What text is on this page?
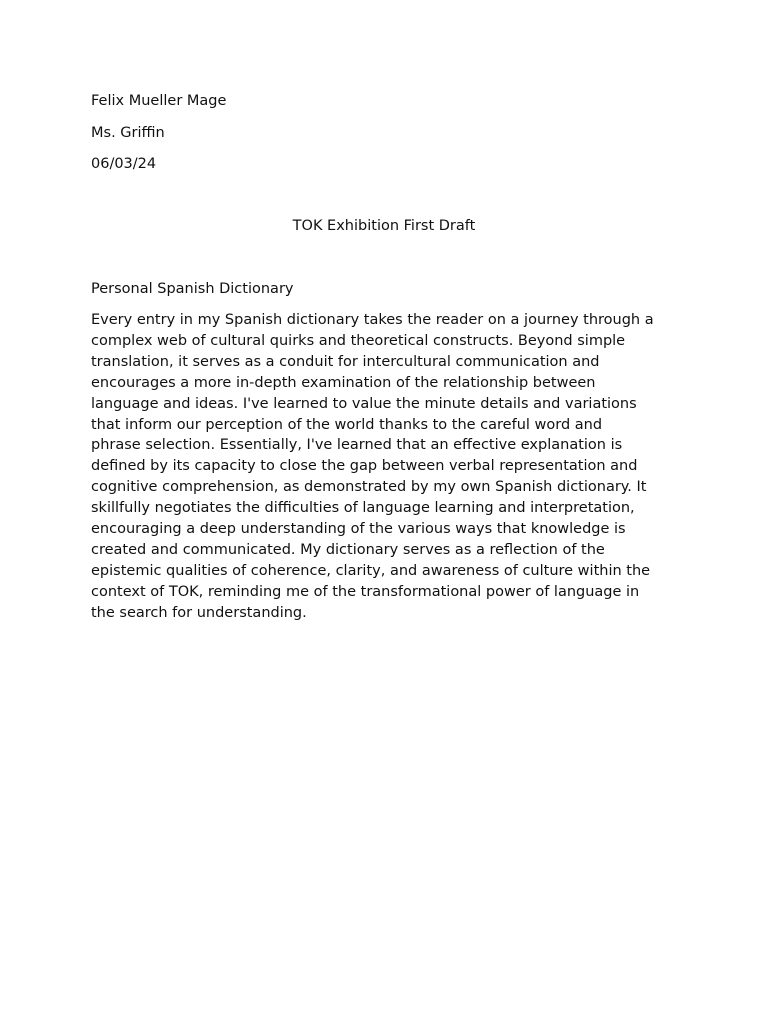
Felix Mueller Mage
Ms. Griffin
06/03/24
TOK Exhibition First Draft
Personal Spanish Dictionary
Every entry in my Spanish dictionary takes the reader on a journey through a
complex web of cultural quirks and theoretical constructs. Beyond simple
translation, it serves as a conduit for intercultural communication and
encourages a more in-depth examination of the relationship between
language and ideas. I've learned to value the minute details and variations
that inform our perception of the world thanks to the careful word and
phrase selection. Essentially, I've learned that an effective explanation is
defined by its capacity to close the gap between verbal representation and
cognitive comprehension, as demonstrated by my own Spanish dictionary. It
skillfully negotiates the difficulties of language learning and interpretation,
encouraging a deep understanding of the various ways that knowledge is
created and communicated. My dictionary serves as a reflection of the
epistemic qualities of coherence, clarity, and awareness of culture within the
context of TOK, reminding me of the transformational power of language in
the search for understanding.
